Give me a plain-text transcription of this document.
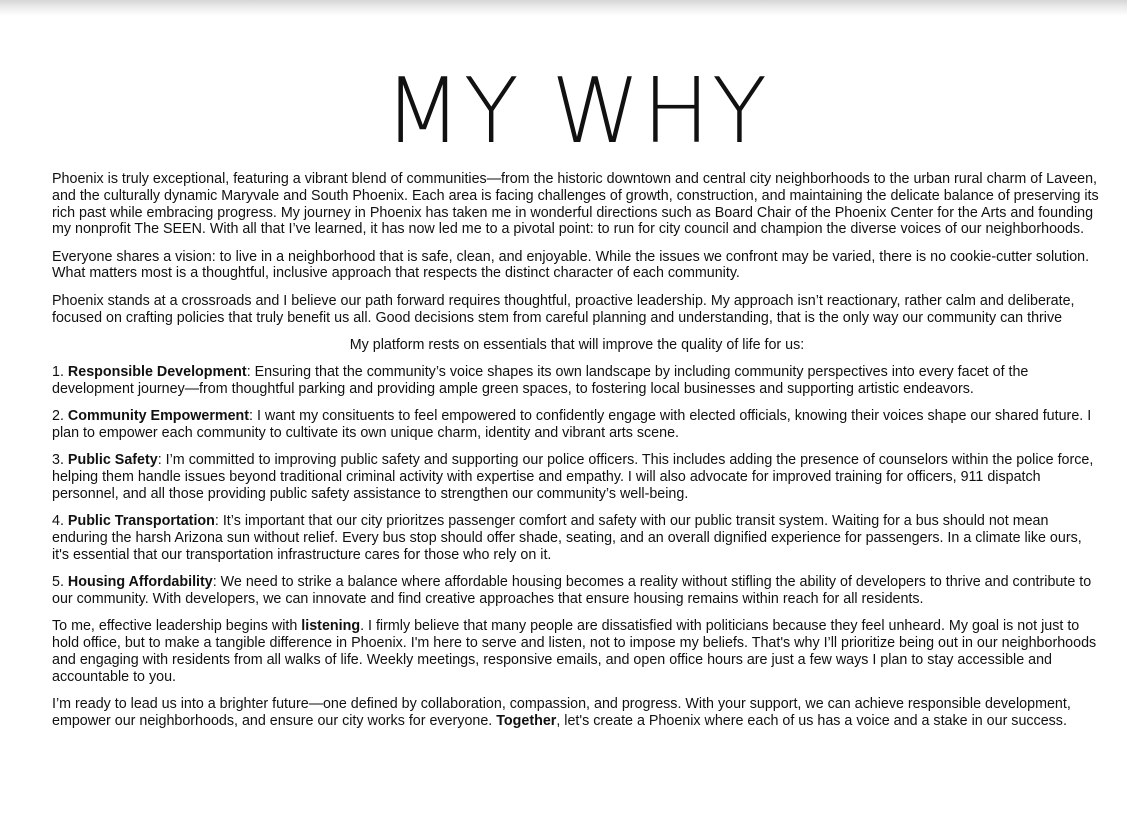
MY WHY

Phoenix is truly exceptional, featuring a vibrant blend of communities—from the historic downtown and central city neighborhoods to the urban rural charm of Laveen, and the culturally dynamic Maryvale and South Phoenix. Each area is facing challenges of growth, construction, and maintaining the delicate balance of preserving its rich past while embracing progress. My journey in Phoenix has taken me in wonderful directions such as Board Chair of the Phoenix Center for the Arts and founding my nonprofit The SEEN. With all that I’ve learned, it has now led me to a pivotal point: to run for city council and champion the diverse voices of our neighborhoods.

Everyone shares a vision: to live in a neighborhood that is safe, clean, and enjoyable. While the issues we confront may be varied, there is no cookie-cutter solution. What matters most is a thoughtful, inclusive approach that respects the distinct character of each community.

Phoenix stands at a crossroads and I believe our path forward requires thoughtful, proactive leadership. My approach isn’t reactionary, rather calm and deliberate, focused on crafting policies that truly benefit us all. Good decisions stem from careful planning and understanding, that is the only way our community can thrive

My platform rests on essentials that will improve the quality of life for us:

1. Responsible Development: Ensuring that the community’s voice shapes its own landscape by including community perspectives into every facet of the development journey—from thoughtful parking and providing ample green spaces, to fostering local businesses and supporting artistic endeavors.

2. Community Empowerment: I want my consituents to feel empowered to confidently engage with elected officials, knowing their voices shape our shared future. I plan to empower each community to cultivate its own unique charm, identity and vibrant arts scene.

3. Public Safety: I’m committed to improving public safety and supporting our police officers. This includes adding the presence of counselors within the police force, helping them handle issues beyond traditional criminal activity with expertise and empathy. I will also advocate for improved training for officers, 911 dispatch personnel, and all those providing public safety assistance to strengthen our community’s well-being.

4. Public Transportation: It’s important that our city prioritzes passenger comfort and safety with our public transit system. Waiting for a bus should not mean enduring the harsh Arizona sun without relief. Every bus stop should offer shade, seating, and an overall dignified experience for passengers. In a climate like ours, it's essential that our transportation infrastructure cares for those who rely on it.

5. Housing Affordability: We need to strike a balance where affordable housing becomes a reality without stifling the ability of developers to thrive and contribute to our community. With developers, we can innovate and find creative approaches that ensure housing remains within reach for all residents.

To me, effective leadership begins with listening. I firmly believe that many people are dissatisfied with politicians because they feel unheard. My goal is not just to hold office, but to make a tangible difference in Phoenix. I'm here to serve and listen, not to impose my beliefs. That's why I’ll prioritize being out in our neighborhoods and engaging with residents from all walks of life. Weekly meetings, responsive emails, and open office hours are just a few ways I plan to stay accessible and accountable to you.

I’m ready to lead us into a brighter future—one defined by collaboration, compassion, and progress. With your support, we can achieve responsible development, empower our neighborhoods, and ensure our city works for everyone. Together, let's create a Phoenix where each of us has a voice and a stake in our success.
